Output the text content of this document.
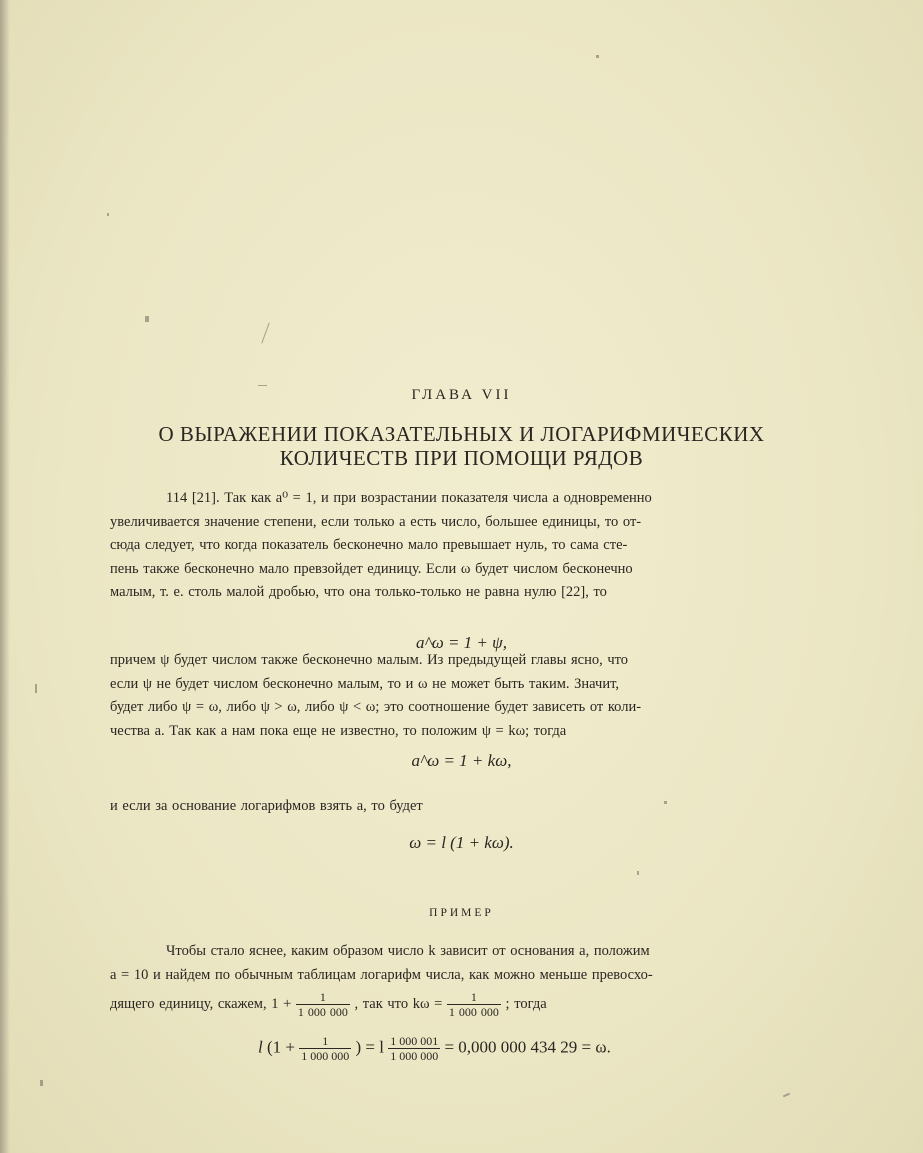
ГЛАВА VII
О ВЫРАЖЕНИИ ПОКАЗАТЕЛЬНЫХ И ЛОГАРИФМИЧЕСКИХ
КОЛИЧЕСТВ ПРИ ПОМОЩИ РЯДОВ
114 [21]. Так как a⁰ = 1, и при возрастании показателя числа a одновременно
увеличивается значение степени, если только a есть число, большее единицы, то от-
сюда следует, что когда показатель бесконечно мало превышает нуль, то сама сте-
пень также бесконечно мало превзойдет единицу. Если ω будет числом бесконечно
малым, т. е. столь малой дробью, что она только-только не равна нулю [22], то
a^ω = 1 + ψ,
причем ψ будет числом также бесконечно малым. Из предыдущей главы ясно, что
если ψ не будет числом бесконечно малым, то и ω не может быть таким. Значит,
будет либо ψ = ω, либо ψ > ω, либо ψ < ω; это соотношение будет зависеть от коли-
чества a. Так как a нам пока еще не известно, то положим ψ = kω; тогда
a^ω = 1 + kω,
и если за основание логарифмов взять a, то будет
ω = l (1 + kω).
ПРИМЕР
Чтобы стало яснее, каким образом число k зависит от основания a, положим
a = 10 и найдем по обычным таблицам логарифм числа, как можно меньше превосхо-
дящего единицу, скажем, $1 + \frac{1}{1 000 000}$ , так что $k\omega = \frac{1}{1 000 000}$ ; тогда
l ($1 + \frac{1}{1 000 000}$ ) = l $\frac{1 000 001}{1 000 000} = 0,000$ 000 434 29 = ω.
